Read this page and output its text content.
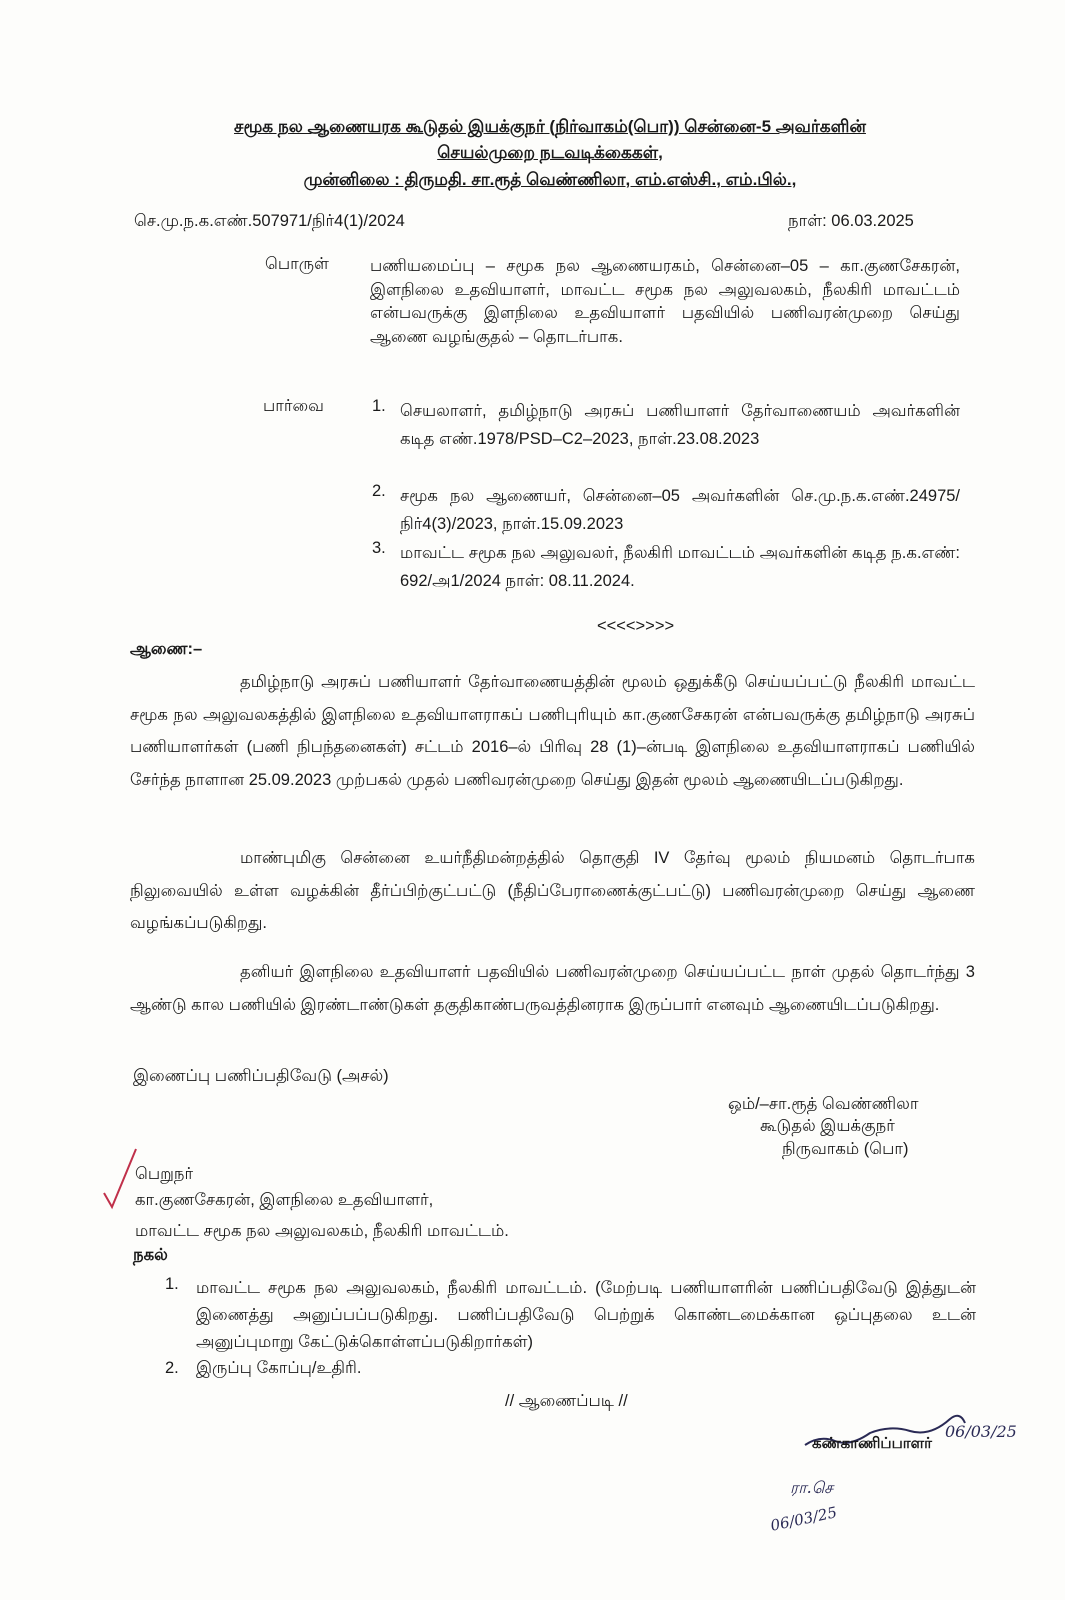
சமூக நல ஆணையரக கூடுதல் இயக்குநர் (நிர்வாகம்(பொ)) சென்னை-5 அவர்களின்
செயல்முறை நடவடிக்கைகள்,
முன்னிலை : திருமதி. சா.ரூத் வெண்ணிலா, எம்.எஸ்சி., எம்.பில்.,
செ.மு.ந.க.எண்.507971/நிர்4(1)/2024	நாள்: 06.03.2025
பொருள் பணியமைப்பு – சமூக நல ஆணையரகம், சென்னை–05 – கா.குணசேகரன், இளநிலை உதவியாளர், மாவட்ட சமூக நல அலுவலகம், நீலகிரி மாவட்டம் என்பவருக்கு இளநிலை உதவியாளர் பதவியில் பணிவரன்முறை செய்து ஆணை வழங்குதல் – தொடர்பாக.
பார்வை	1. செயலாளர், தமிழ்நாடு அரசுப் பணியாளர் தேர்வாணையம் அவர்களின் கடித எண்.1978/PSD–C2–2023, நாள்.23.08.2023
2. சமூக நல ஆணையர், சென்னை–05 அவர்களின் செ.மு.ந.க.எண்.24975/நிர்4(3)/2023, நாள்.15.09.2023
3. மாவட்ட சமூக நல அலுவலர், நீலகிரி மாவட்டம் அவர்களின் கடித ந.க.எண்: 692/அ1/2024 நாள்: 08.11.2024.
<<<<>>>>
ஆணை:–
தமிழ்நாடு அரசுப் பணியாளர் தேர்வாணையத்தின் மூலம் ஒதுக்கீடு செய்யப்பட்டு நீலகிரி மாவட்ட சமூக நல அலுவலகத்தில் இளநிலை உதவியாளராகப் பணிபுரியும் கா.குணசேகரன் என்பவருக்கு தமிழ்நாடு அரசுப் பணியாளர்கள் (பணி நிபந்தனைகள்) சட்டம் 2016–ல் பிரிவு 28 (1)–ன்படி இளநிலை உதவியாளராகப் பணியில் சேர்ந்த நாளான 25.09.2023 முற்பகல் முதல் பணிவரன்முறை செய்து இதன் மூலம் ஆணையிடப்படுகிறது.
மாண்புமிகு சென்னை உயர்நீதிமன்றத்தில் தொகுதி IV தேர்வு மூலம் நியமனம் தொடர்பாக நிலுவையில் உள்ள வழக்கின் தீர்ப்பிற்குட்பட்டு (நீதிப்பேராணைக்குட்பட்டு) பணிவரன்முறை செய்து ஆணை வழங்கப்படுகிறது.
தனியர் இளநிலை உதவியாளர் பதவியில் பணிவரன்முறை செய்யப்பட்ட நாள் முதல் தொடர்ந்து 3 ஆண்டு கால பணியில் இரண்டாண்டுகள் தகுதிகாண்பருவத்தினராக இருப்பார் எனவும் ஆணையிடப்படுகிறது.
இணைப்பு பணிப்பதிவேடு (அசல்)
ஒம்/–சா.ரூத் வெண்ணிலா
கூடுதல் இயக்குநர்
நிருவாகம் (பொ)
பெறுநர்
கா.குணசேகரன், இளநிலை உதவியாளர்,
மாவட்ட சமூக நல அலுவலகம், நீலகிரி மாவட்டம்.
நகல்
1. மாவட்ட சமூக நல அலுவலகம், நீலகிரி மாவட்டம். (மேற்படி பணியாளரின் பணிப்பதிவேடு இத்துடன் இணைத்து அனுப்பப்படுகிறது. பணிப்பதிவேடு பெற்றுக் கொண்டமைக்கான ஒப்புதலை உடன் அனுப்புமாறு கேட்டுக்கொள்ளப்படுகிறார்கள்)
2. இருப்பு கோப்பு/உதிரி.
// ஆணைப்படி //
06/03/25
கண்காணிப்பாளர்
ரா.செ
06/03/25
